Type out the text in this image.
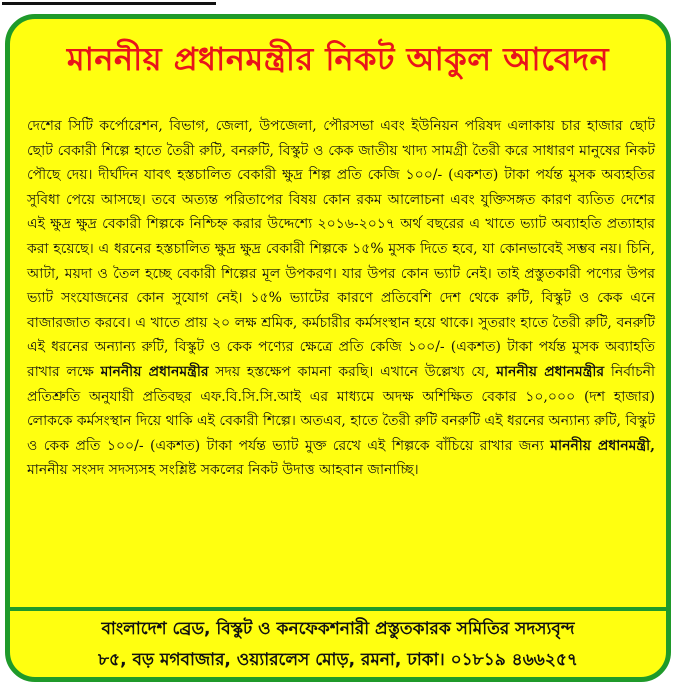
মাননীয় প্রধানমন্ত্রীর নিকট আকুল আবেদন

দেশের সিটি কর্পোরেশন, বিভাগ, জেলা, উপজেলা, পৌরসভা এবং ইউনিয়ন পরিষদ এলাকায় চার হাজার ছোট ছোট বেকারী শিল্পে হাতে তৈরী রুটি, বনরুটি, বিস্কুট ও কেক জাতীয় খাদ্য সামগ্রী তৈরী করে সাধারণ মানুষের নিকট পৌছে দেয়। দীর্ঘদিন যাবৎ হস্তচালিত বেকারী ক্ষুদ্র শিল্প প্রতি কেজি ১০০/- (একশত) টাকা পর্যন্ত মুসক অব্যহতির সুবিধা পেয়ে আসছে। তবে অত্যন্ত পরিতাপের বিষয় কোন রকম আলোচনা এবং যুক্তিসঙ্গত কারণ ব্যতিত দেশের এই ক্ষুদ্র ক্ষুদ্র বেকারী শিল্পকে নিশ্চিহ্ন করার উদ্দেশ্যে ২০১৬-২০১৭ অর্থ বছরের এ খাতে ভ্যাট অব্যাহতি প্রত্যাহার করা হয়েছে। এ ধরনের হস্তচালিত ক্ষুদ্র ক্ষুদ্র বেকারী শিল্পকে ১৫% মুসক দিতে হবে, যা কোনভাবেই সম্ভব নয়। চিনি, আটা, ময়দা ও তৈল হচ্ছে বেকারী শিল্পের মূল উপকরণ। যার উপর কোন ভ্যাট নেই। তাই প্রস্তুতকারী পণ্যের উপর ভ্যাট সংযোজনের কোন সুযোগ নেই। ১৫% ভ্যাটের কারণে প্রতিবেশি দেশ থেকে রুটি, বিস্কুট ও কেক এনে বাজারজাত করবে। এ খাতে প্রায় ২০ লক্ষ শ্রমিক, কর্মচারীর কর্মসংস্থান হয়ে থাকে। সুতরাং হাতে তৈরী রুটি, বনরুটি এই ধরনের অন্যান্য রুটি, বিস্কুট ও কেক পণ্যের ক্ষেত্রে প্রতি কেজি ১০০/- (একশত) টাকা পর্যন্ত মুসক অব্যাহতি রাখার লক্ষে মাননীয় প্রধানমন্ত্রীর সদয় হস্তক্ষেপ কামনা করছি। এখানে উল্লেখ্য যে, মাননীয় প্রধানমন্ত্রীর নির্বাচনী প্রতিশ্রুতি অনুযায়ী প্রতিবছর এফ.বি.সি.সি.আই এর মাধ্যমে অদক্ষ অশিক্ষিত বেকার ১০,০০০ (দশ হাজার) লোককে কর্মসংস্থান দিয়ে থাকি এই বেকারী শিল্পে। অতএব, হাতে তৈরী রুটি বনরুটি এই ধরনের অন্যান্য রুটি, বিস্কুট ও কেক প্রতি ১০০/- (একশত) টাকা পর্যন্ত ভ্যাট মুক্ত রেখে এই শিল্পকে বাঁচিয়ে রাখার জন্য মাননীয় প্রধানমন্ত্রী, মাননীয় সংসদ সদস্যসহ সংশ্লিষ্ট সকলের নিকট উদাত্ত আহবান জানাচ্ছি।

বাংলাদেশ ব্রেড, বিস্কুট ও কনফেকশনারী প্রস্তুতকারক সমিতির সদস্যবৃন্দ
৮৫, বড় মগবাজার, ওয়্যারলেস মোড়, রমনা, ঢাকা। ০১৮১৯ ৪৬৬২৫৭
